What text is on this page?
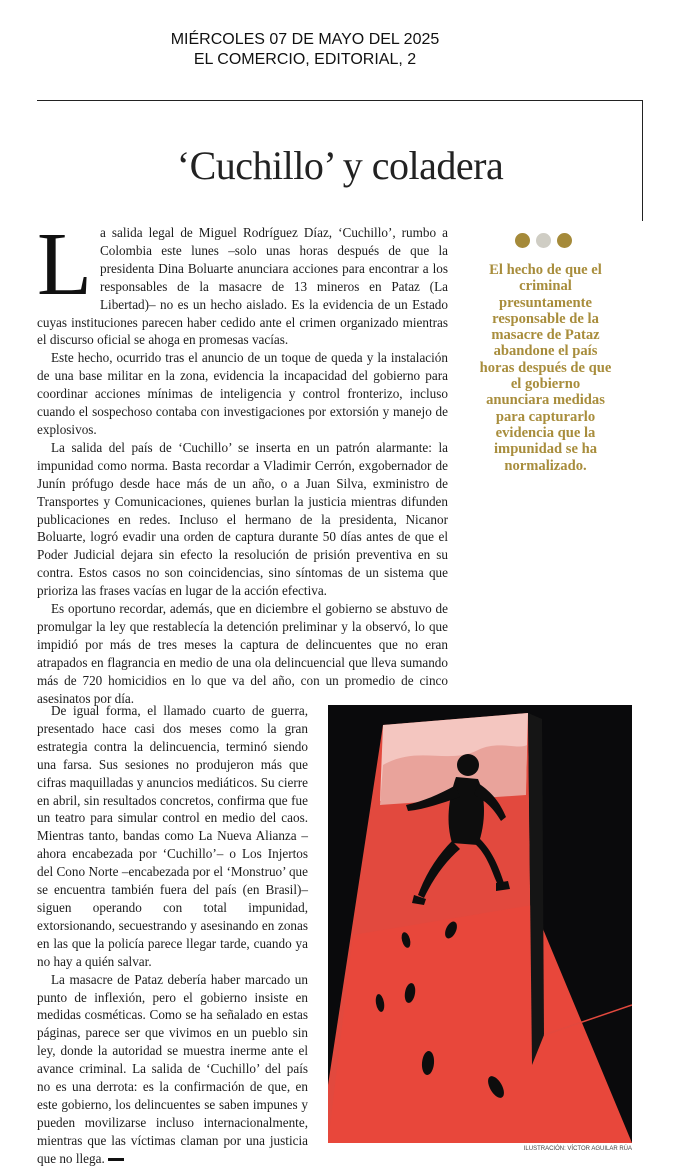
MIÉRCOLES 07 DE MAYO DEL 2025
EL COMERCIO, EDITORIAL, 2
‘Cuchillo’ y coladera

La salida legal de Miguel Rodríguez Díaz, ‘Cuchillo’, rumbo a Colombia este lunes –solo unas horas después de que la presidenta Dina Boluarte anunciara acciones para encontrar a los responsables de la masacre de 13 mineros en Pataz (La Libertad)– no es un hecho aislado. Es la evidencia de un Estado cuyas instituciones parecen haber cedido ante el crimen organizado mientras el discurso oficial se ahoga en promesas vacías.

Este hecho, ocurrido tras el anuncio de un toque de queda y la instalación de una base militar en la zona, evidencia la incapacidad del gobierno para coordinar acciones mínimas de inteligencia y control fronterizo, incluso cuando el sospechoso contaba con investigaciones por extorsión y manejo de explosivos.

La salida del país de ‘Cuchillo’ se inserta en un patrón alarmante: la impunidad como norma. Basta recordar a Vladimir Cerrón, exgobernador de Junín prófugo desde hace más de un año, o a Juan Silva, exministro de Transportes y Comunicaciones, quienes burlan la justicia mientras difunden publicaciones en redes. Incluso el hermano de la presidenta, Nicanor Boluarte, logró evadir una orden de captura durante 50 días antes de que el Poder Judicial dejara sin efecto la resolución de prisión preventiva en su contra. Estos casos no son coincidencias, sino síntomas de un sistema que prioriza las frases vacías en lugar de la acción efectiva.

Es oportuno recordar, además, que en diciembre el gobierno se abstuvo de promulgar la ley que restablecía la detención preliminar y la observó, lo que impidió por más de tres meses la captura de delincuentes que no eran atrapados en flagrancia en medio de una ola delincuencial que lleva sumando más de 720 homicidios en lo que va del año, con un promedio de cinco asesinatos por día.

De igual forma, el llamado cuarto de guerra, presentado hace casi dos meses como la gran estrategia contra la delincuencia, terminó siendo una farsa. Sus sesiones no produjeron más que cifras maquilladas y anuncios mediáticos. Su cierre en abril, sin resultados concretos, confirma que fue un teatro para simular control en medio del caos. Mientras tanto, bandas como La Nueva Alianza –ahora encabezada por ‘Cuchillo’– o Los Injertos del Cono Norte –encabezada por el ‘Monstruo’ que se encuentra también fuera del país (en Brasil)– siguen operando con total impunidad, extorsionando, secuestrando y asesinando en zonas en las que la policía parece llegar tarde, cuando ya no hay a quién salvar.

La masacre de Pataz debería haber marcado un punto de inflexión, pero el gobierno insiste en medidas cosméticas. Como se ha señalado en estas páginas, parece ser que vivimos en un pueblo sin ley, donde la autoridad se muestra inerme ante el avance criminal. La salida de ‘Cuchillo’ del país no es una derrota: es la confirmación de que, en este gobierno, los delincuentes se saben impunes y pueden movilizarse incluso internacionalmente, mientras que las víctimas claman por una justicia que no llega.

El hecho de que el criminal presuntamente responsable de la masacre de Pataz abandone el país horas después de que el gobierno anunciara medidas para capturarlo evidencia que la impunidad se ha normalizado.
ILUSTRACIÓN: VÍCTOR AGUILAR RÚA
